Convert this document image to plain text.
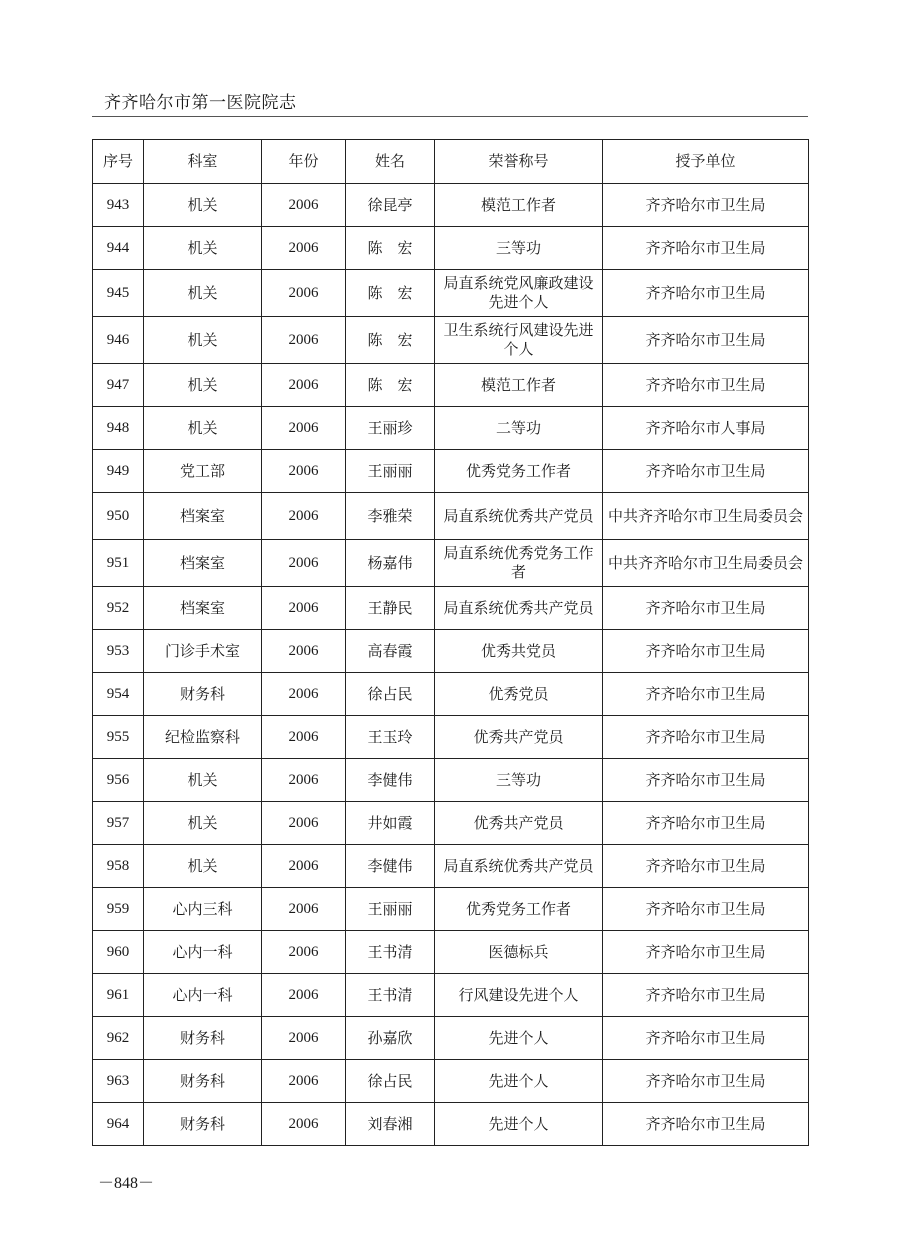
齐齐哈尔市第一医院院志
序号	科室	年份	姓名	荣誉称号	授予单位
943	机关	2006	徐昆亭	模范工作者	齐齐哈尔市卫生局
944	机关	2006	陈　宏	三等功	齐齐哈尔市卫生局
945	机关	2006	陈　宏	局直系统党风廉政建设先进个人	齐齐哈尔市卫生局
946	机关	2006	陈　宏	卫生系统行风建设先进个人	齐齐哈尔市卫生局
947	机关	2006	陈　宏	模范工作者	齐齐哈尔市卫生局
948	机关	2006	王丽珍	二等功	齐齐哈尔市人事局
949	党工部	2006	王丽丽	优秀党务工作者	齐齐哈尔市卫生局
950	档案室	2006	李雅荣	局直系统优秀共产党员	中共齐齐哈尔市卫生局委员会
951	档案室	2006	杨嘉伟	局直系统优秀党务工作者	中共齐齐哈尔市卫生局委员会
952	档案室	2006	王静民	局直系统优秀共产党员	齐齐哈尔市卫生局
953	门诊手术室	2006	高春霞	优秀共党员	齐齐哈尔市卫生局
954	财务科	2006	徐占民	优秀党员	齐齐哈尔市卫生局
955	纪检监察科	2006	王玉玲	优秀共产党员	齐齐哈尔市卫生局
956	机关	2006	李健伟	三等功	齐齐哈尔市卫生局
957	机关	2006	井如霞	优秀共产党员	齐齐哈尔市卫生局
958	机关	2006	李健伟	局直系统优秀共产党员	齐齐哈尔市卫生局
959	心内三科	2006	王丽丽	优秀党务工作者	齐齐哈尔市卫生局
960	心内一科	2006	王书清	医德标兵	齐齐哈尔市卫生局
961	心内一科	2006	王书清	行风建设先进个人	齐齐哈尔市卫生局
962	财务科	2006	孙嘉欣	先进个人	齐齐哈尔市卫生局
963	财务科	2006	徐占民	先进个人	齐齐哈尔市卫生局
964	财务科	2006	刘春湘	先进个人	齐齐哈尔市卫生局
－848－
